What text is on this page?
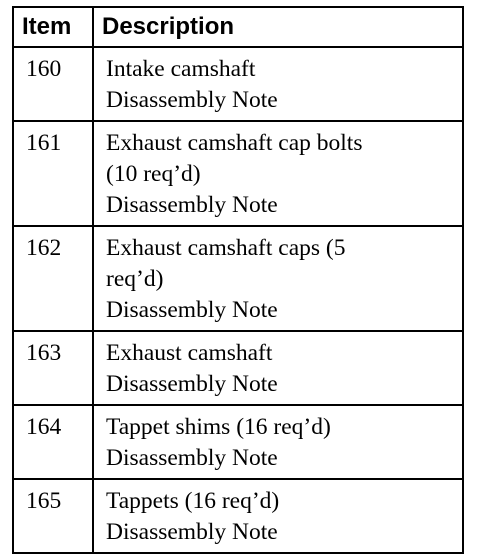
Item	Description
160	Intake camshaft
Disassembly Note

161	Exhaust camshaft cap bolts
(10 req’d)
Disassembly Note

162	Exhaust camshaft caps (5
req’d)
Disassembly Note

163	Exhaust camshaft
Disassembly Note

164	Tappet shims (16 req’d)
Disassembly Note

165	Tappets (16 req’d)
Disassembly Note
